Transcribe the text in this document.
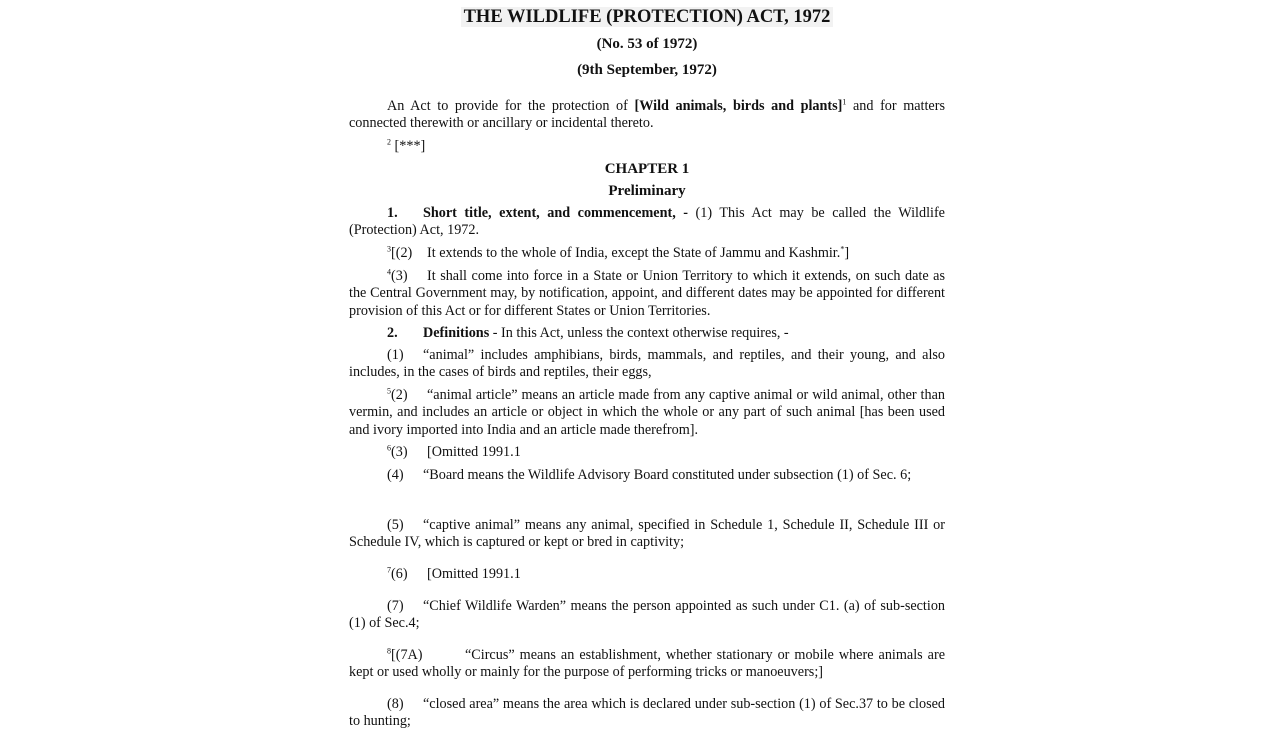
THE WILDLIFE (PROTECTION) ACT, 1972

(No. 53 of 1972)

(9th September, 1972)

An Act to provide for the protection of [Wild animals, birds and plants]$^1$ and for matters connected therewith or ancillary or incidental thereto.

$^2$ [***]

CHAPTER 1

Preliminary

1. Short title, extent, and commencement, - (1) This Act may be called the Wildlife (Protection) Act, 1972.

$^3$[(2) It extends to the whole of India, except the State of Jammu and Kashmir.*]

$^4$(3) It shall come into force in a State or Union Territory to which it extends, on such date as the Central Government may, by notification, appoint, and different dates may be appointed for different provision of this Act or for different States or Union Territories.

2. Definitions - In this Act, unless the context otherwise requires, -

(1) “animal” includes amphibians, birds, mammals, and reptiles, and their young, and also includes, in the cases of birds and reptiles, their eggs,

$^5$(2) “animal article” means an article made from any captive animal or wild animal, other than vermin, and includes an article or object in which the whole or any part of such animal [has been used and ivory imported into India and an article made therefrom].

$^6$(3) [Omitted 1991.1

(4) “Board means the Wildlife Advisory Board constituted under subsection (1) of Sec. 6;

(5) “captive animal” means any animal, specified in Schedule 1, Schedule II, Schedule III or Schedule IV, which is captured or kept or bred in captivity;

$^7$(6) [Omitted 1991.1

(7) “Chief Wildlife Warden” means the person appointed as such under C1. (a) of sub-section (1) of Sec.4;

$^8$[(7A)	“Circus” means an establishment, whether stationary or mobile where animals are kept or used wholly or mainly for the purpose of performing tricks or manoeuvers;]

(8) “closed area” means the area which is declared under sub-section (1) of Sec.37 to be closed to hunting;
